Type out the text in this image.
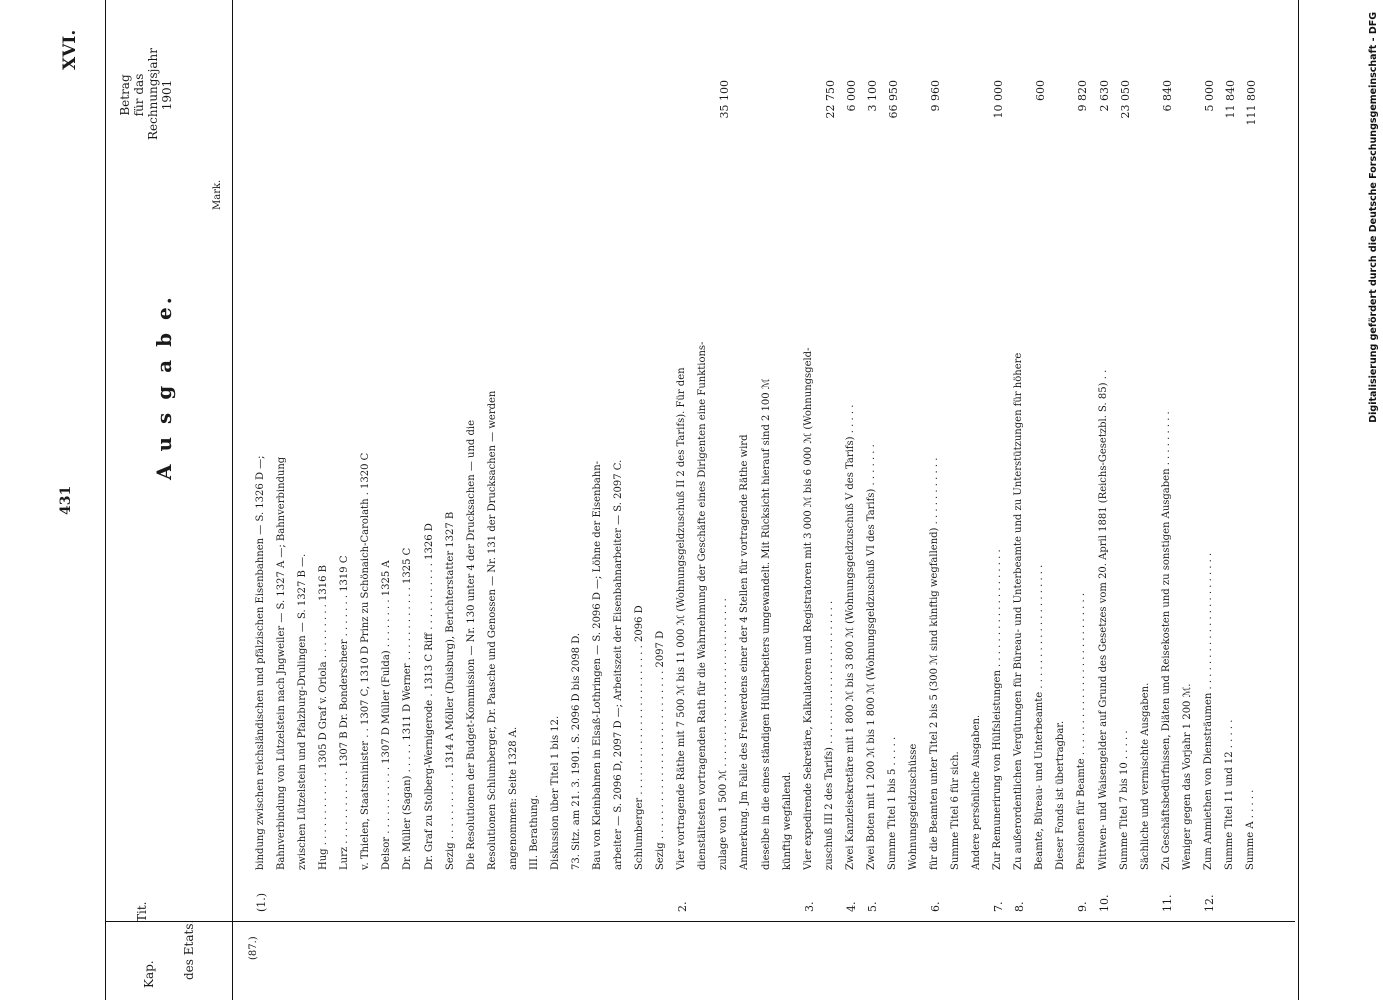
431
XVI.
A u s g a b e.
Kap.
Tit.
des Etats.
Betrag für das Rechnungsjahr 1901
Mark.
(87.)
(1.)
bindung zwischen reichsländischen und pfälzischen Eisenbahnen — S. 1326 D —; Bahnverbindung von Lützelstein nach Jngweiler — S. 1327 A —; Bahnverbindung zwischen Lützelstein und Pfalzburg-Drulingen — S. 1327 B —. Hug . . . . . . . . . . . . 1305 D Graf v. Oriola . . . . . . . . . 1316 B Lurz . . . . . . . . . . . . 1307 B Dr. Bonderscheer . . . . . . . 1319 C v. Thielen, Staatsminister . . 1307 C, 1310 D Prinz zu Schönaich-Carolath . 1320 C Delsor . . . . . . . . . . . 1307 D Müller (Fulda) . . . . . . . . 1325 A Dr. Müller (Sagan) . . . . . 1311 D Werner . . . . . . . . . . . . 1325 C Dr. Graf zu Stolberg-Wernigerode . 1313 C Riff . . . . . . . . . . . 1326 D Sezig . . . . . . . . . . . 1314 A Möller (Duisburg), Berichterstatter 1327 B Die Resolutionen der Budget-Kommission — Nr. 130 unter 4 der Drucksachen — und die Resolutionen Schlumberger, Dr. Paasche und Genossen — Nr. 131 der Drucksachen — werden angenommen: Seite 1328 A. III. Berathung. Diskussion über Titel 1 bis 12. 73. Sitz. am 21. 3. 1901. S. 2096 D bis 2098 D. Bau von Kleinbahnen in Elsaß-Lothringen — S. 2096 D —; Löhne der Eisenbahn- arbeiter — S. 2096 D, 2097 D —; Arbeitszeit der Eisenbahnarbeiter — S. 2097 C. Schlumberger . . . . . . . . . . . . . . . . . . . . . . . . 2096 D Sezig . . . . . . . . . . . . . . . . . . . . . . . . . . . 2097 D
2.
Vier vortragende Räthe mit 7 500 ℳ bis 11 000 ℳ (Wohnungsgeldzuschuß II 2 des Tarifs). Für den dienstältesten vortragenden Rath für die Wahrnehmung der Geschäfte eines Dirigenten eine Funktions- zulage von 1 500 ℳ . . . . . . . . . . . . . . . . . . . . . . . . . . .
35 100
Anmerkung. Jm Falle des Freiwerdens einer der 4 Stellen für vortragende Räthe wird dieselbe in die eines ständigen Hülfsarbeiters umgewandelt. Mit Rücksicht hierauf sind 2 100 ℳ künftig wegfallend.
3.
Vier expedirende Sekretäre, Kalkulatoren und Registratoren mit 3 000 ℳ bis 6 000 ℳ (Wohnungsgeld- zuschuß III 2 des Tarifs) . . . . . . . . . . . . . . . . . . . . . . .
22 750
4.
Zwei Kanzleisekretäre mit 1 800 ℳ bis 3 800 ℳ (Wohnungsgeldzuschuß V des Tarifs) . . . . .
6 000
5.
Zwei Boten mit 1 200 ℳ bis 1 800 ℳ (Wohnungsgeldzuschuß VI des Tarifs) . . . . . . .
3 100
Summe Titel 1 bis 5 . . . . .
66 950
Wohnungsgeldzuschüsse
6.
für die Beamten unter Titel 2 bis 5 (300 ℳ sind künftig wegfallend) . . . . . . . . . . .
9 960
Summe Titel 6 für sich. Andere persönliche Ausgaben.
7.
Zur Remunerirung von Hülfsleistungen . . . . . . . . . . . . . . . . . . .
10 000
8.
Zu außerordentlichen Vergütungen für Büreau- und Unterbeamte und zu Unterstützungen für höhere Beamte, Büreau- und Unterbeamte . . . . . . . . . . . . . . . . . . . .
600
Dieser Fonds ist übertragbar.
9.
Pensionen für Beamte . . . . . . . . . . . . . . . . . . . . . . . . . .
9 820
10.
Wittwen- und Waisengelder auf Grund des Gesetzes vom 20. April 1881 (Reichs-Gesetzbl. S. 85) . .
2 630
Summe Titel 7 bis 10 . . . . .
23 050
Sächliche und vermischte Ausgaben.
11.
Zu Geschäftsbedürfnissen, Diäten und Reisekosten und zu sonstigen Ausgaben . . . . . . . . .
6 840
Weniger gegen das Vorjahr 1 200 ℳ.
12.
Zum Anmiethen von Diensträumen . . . . . . . . . . . . . . . . . . . . . .
5 000
Summe Titel 11 und 12 . . . . .
11 840
Summe A . . . . .
111 800	Digitalisierung gefördert durch die Deutsche Forschungsgemeinschaft - DFG
